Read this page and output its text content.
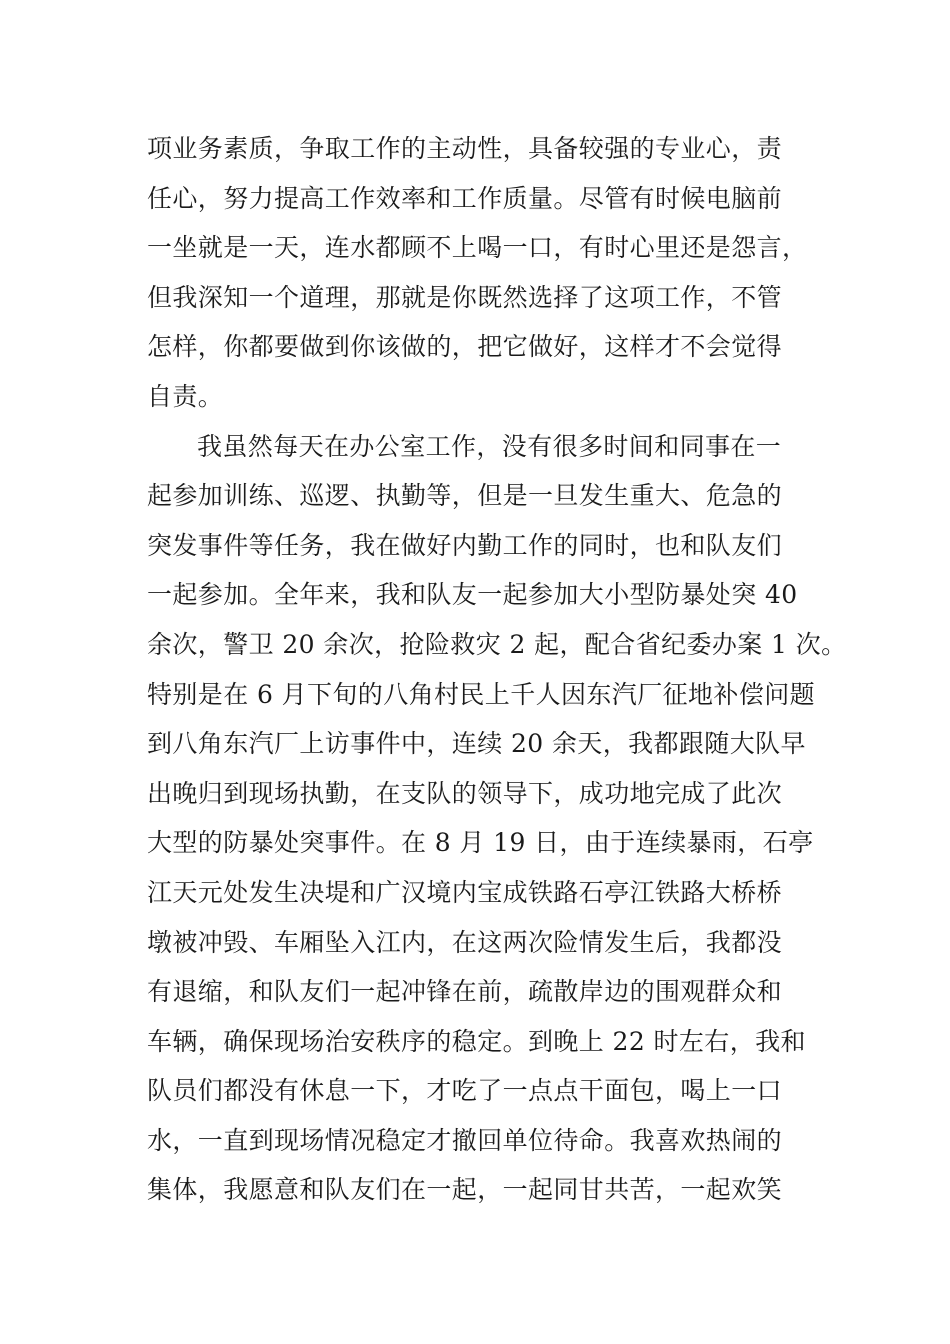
项业务素质，争取工作的主动性，具备较强的专业心，责
任心，努力提高工作效率和工作质量。尽管有时候电脑前
一坐就是一天，连水都顾不上喝一口，有时心里还是怨言，
但我深知一个道理，那就是你既然选择了这项工作，不管
怎样，你都要做到你该做的，把它做好，这样才不会觉得
自责。
我虽然每天在办公室工作，没有很多时间和同事在一
起参加训练、巡逻、执勤等，但是一旦发生重大、危急的
突发事件等任务，我在做好内勤工作的同时，也和队友们
一起参加。全年来，我和队友一起参加大小型防暴处突 40
余次，警卫 20 余次，抢险救灾 2 起，配合省纪委办案 1 次。
特别是在 6 月下旬的八角村民上千人因东汽厂征地补偿问题
到八角东汽厂上访事件中，连续 20 余天，我都跟随大队早
出晚归到现场执勤，在支队的领导下，成功地完成了此次
大型的防暴处突事件。在 8 月 19 日，由于连续暴雨，石亭
江天元处发生决堤和广汉境内宝成铁路石亭江铁路大桥桥
墩被冲毁、车厢坠入江内，在这两次险情发生后，我都没
有退缩，和队友们一起冲锋在前，疏散岸边的围观群众和
车辆，确保现场治安秩序的稳定。到晚上 22 时左右，我和
队员们都没有休息一下，才吃了一点点干面包，喝上一口
水，一直到现场情况稳定才撤回单位待命。我喜欢热闹的
集体，我愿意和队友们在一起，一起同甘共苦，一起欢笑
